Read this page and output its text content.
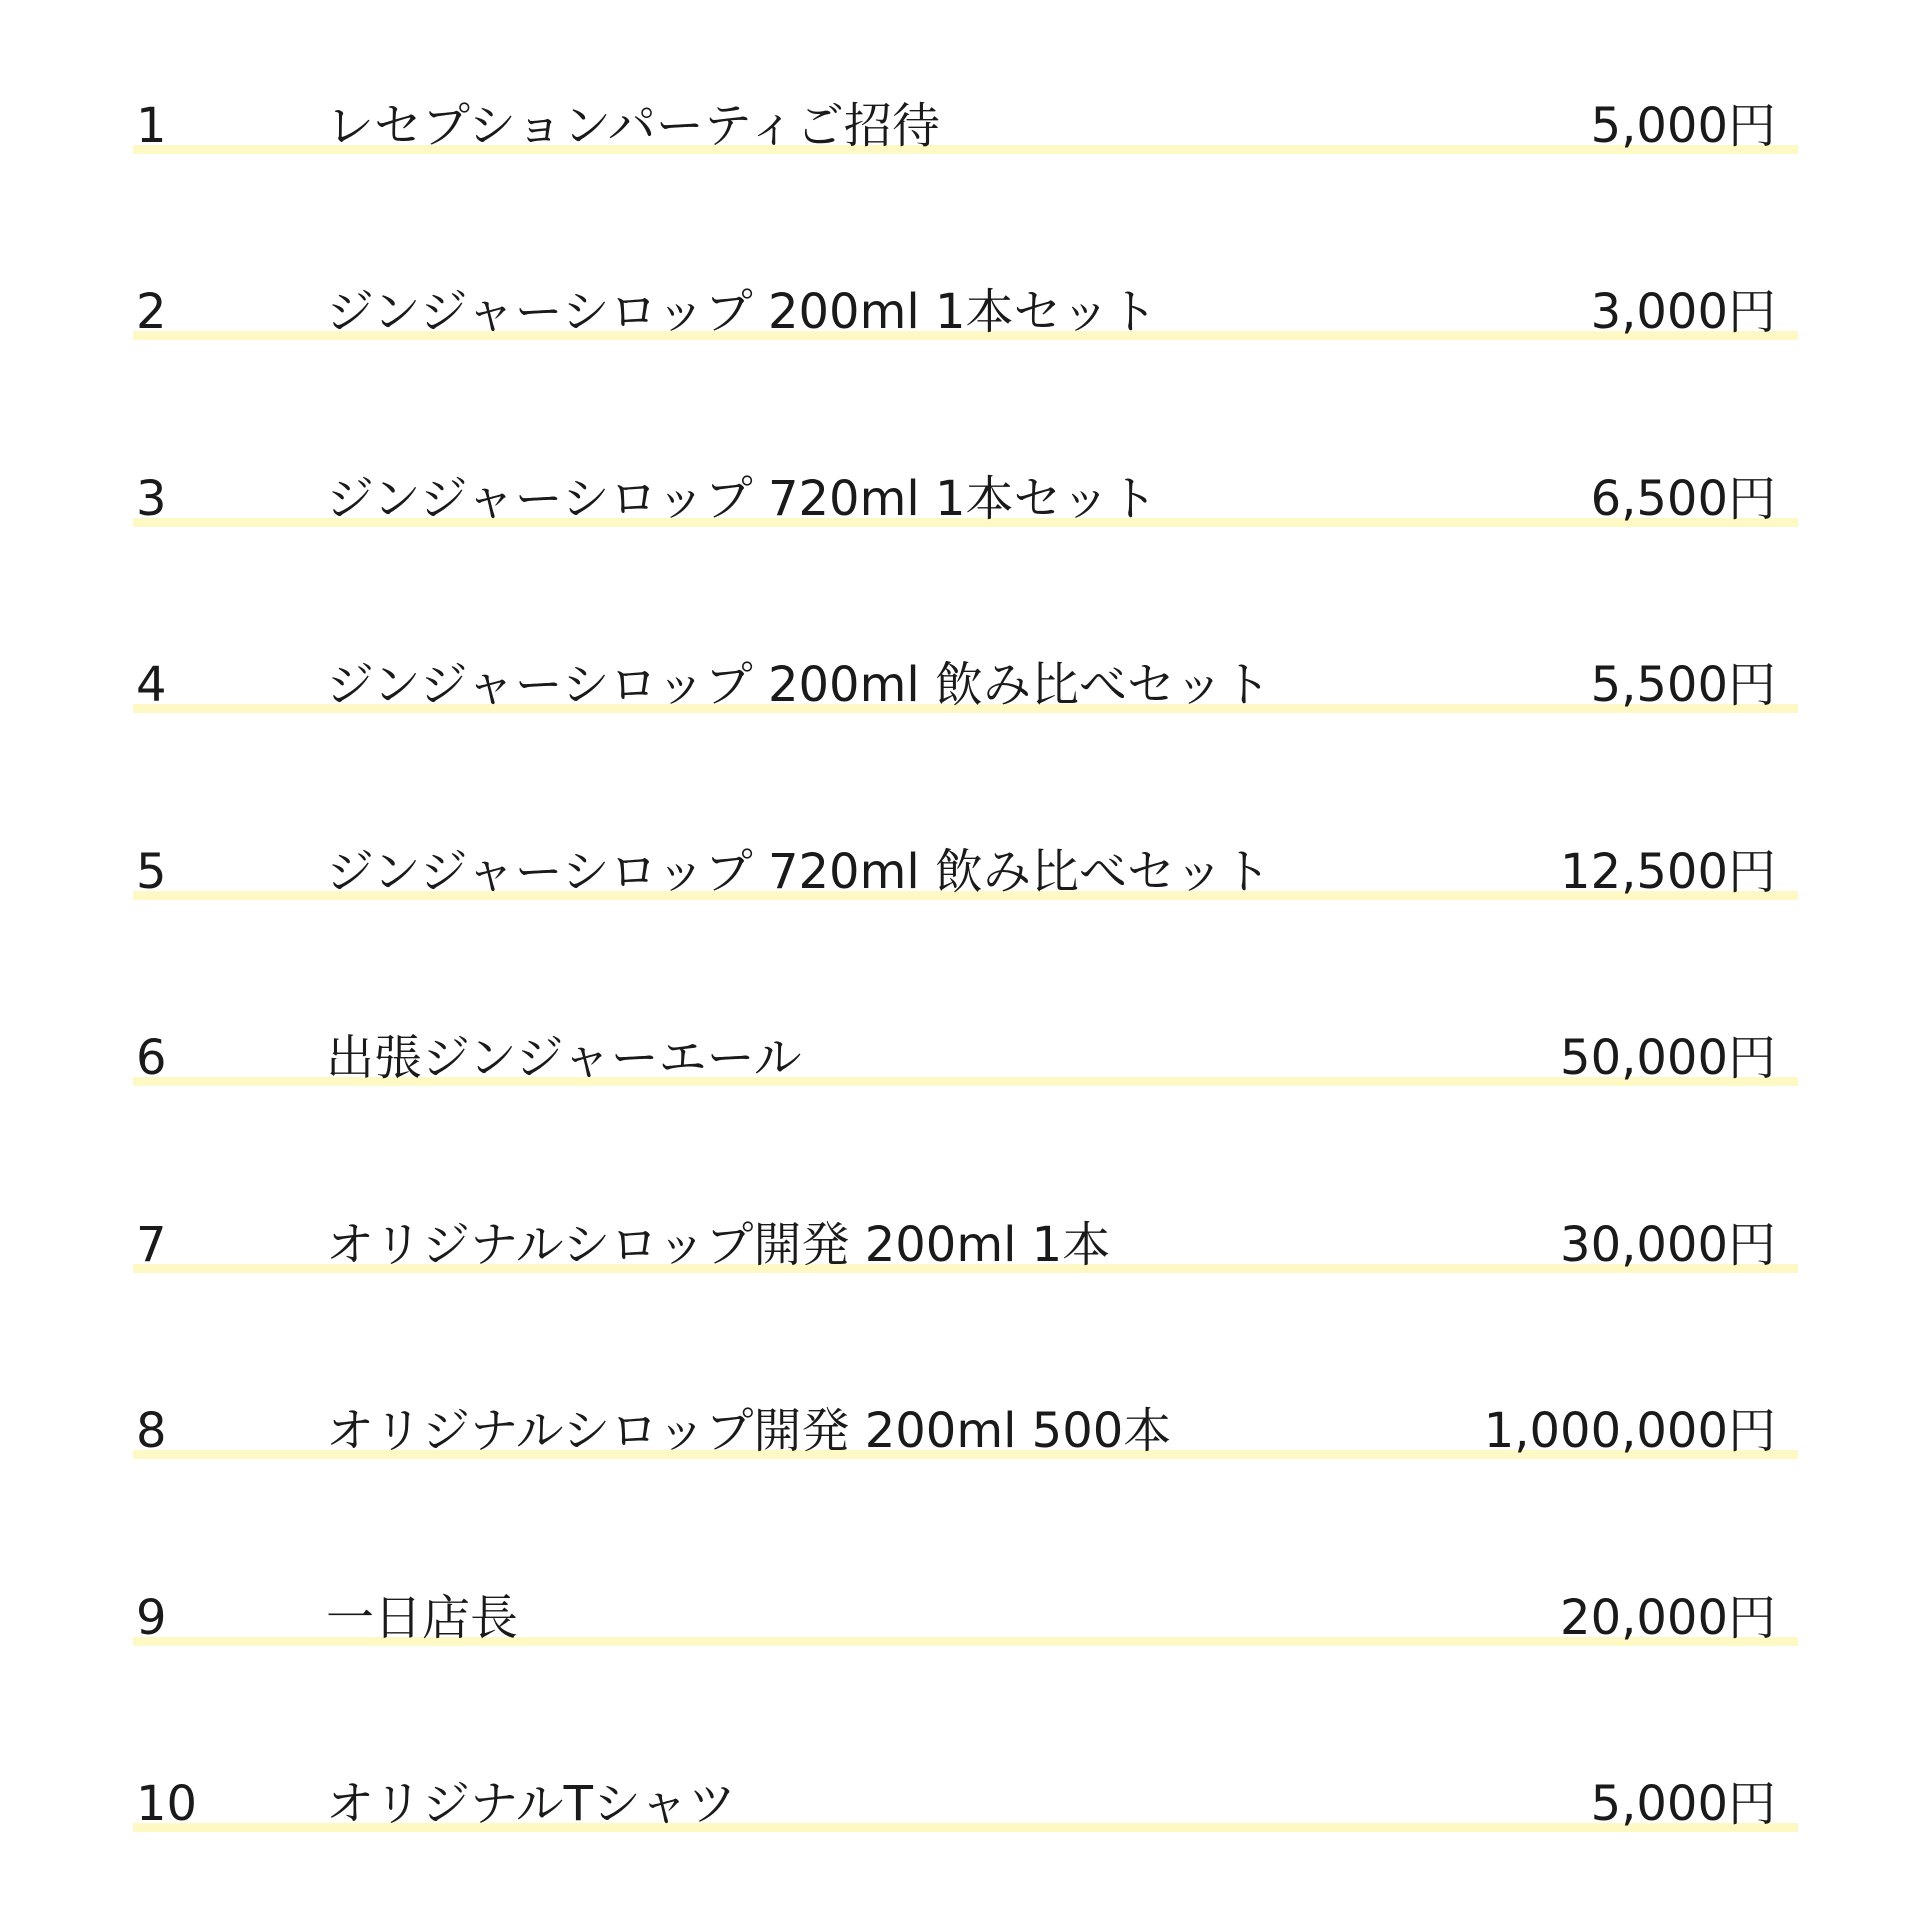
1	レセプションパーティご招待	5,000円
2	ジンジャーシロップ 200ml 1本セット	3,000円
3	ジンジャーシロップ 720ml 1本セット	6,500円
4	ジンジャーシロップ 200ml 飲み比べセット	5,500円
5	ジンジャーシロップ 720ml 飲み比べセット	12,500円
6	出張ジンジャーエール	50,000円
7	オリジナルシロップ開発 200ml 1本	30,000円
8	オリジナルシロップ開発 200ml 500本	1,000,000円
9	一日店長	20,000円
10	オリジナルTシャツ	5,000円
